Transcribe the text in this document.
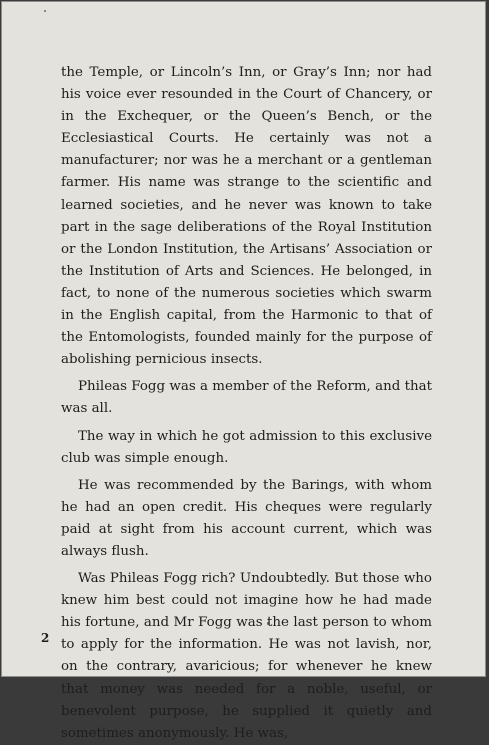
the Temple, or Lincoln’s Inn, or Gray’s Inn; nor had his voice ever resounded in the Court of Chancery, or in the Exchequer, or the Queen’s Bench, or the Ecclesiastical Courts. He certainly was not a manufacturer; nor was he a merchant or a gentleman farmer. His name was strange to the scientific and learned societies, and he never was known to take part in the sage deliberations of the Royal Institution or the London Institution, the Artisans’ Association or the Institution of Arts and Sciences. He belonged, in fact, to none of the numerous societies which swarm in the English capital, from the Harmonic to that of the Entomologists, founded mainly for the purpose of abolishing pernicious insects.

Phileas Fogg was a member of the Reform, and that was all.

The way in which he got admission to this exclusive club was simple enough.

He was recommended by the Barings, with whom he had an open credit. His cheques were regularly paid at sight from his account current, which was always flush.

Was Phileas Fogg rich? Undoubtedly. But those who knew him best could not imagine how he had made his fortune, and Mr Fogg was the last person to whom to apply for the information. He was not lavish, nor, on the contrary, avaricious; for whenever he knew that money was needed for a noble, useful, or benevolent purpose, he supplied it quietly and sometimes anonymously. He was,

2
